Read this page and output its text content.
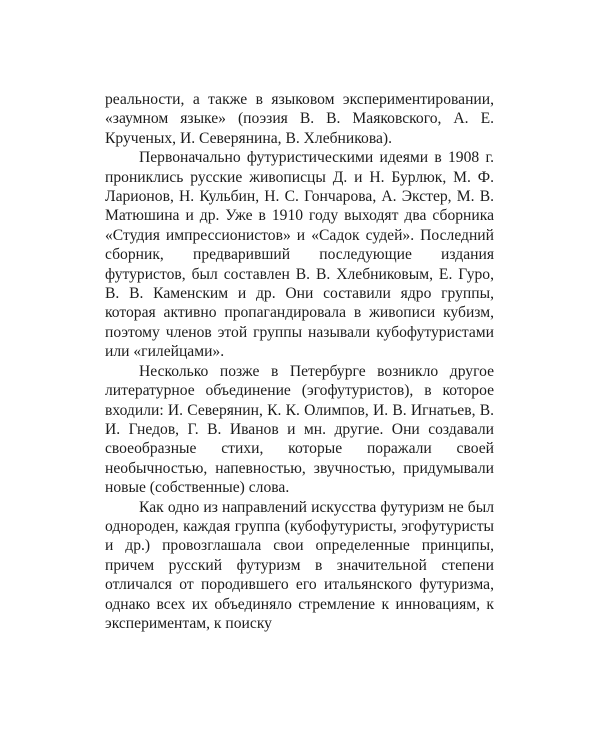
реальности, а также в языковом экспериментировании, «заумном языке» (поэзия В. В. Маяковского, А. Е. Крученых, И. Северянина, В. Хлебникова).

Первоначально футуристическими идеями в 1908 г. прониклись русские живописцы Д. и Н. Бурлюк, М. Ф. Ларионов, Н. Кульбин, Н. С. Гончарова, А. Экстер, М. В. Матюшина и др. Уже в 1910 году выходят два сборника «Студия импрессионистов» и «Садок судей». Последний сборник, предваривший последующие издания футуристов, был составлен В. В. Хлебниковым, Е. Гуро, В. В. Каменским и др. Они составили ядро группы, которая активно пропагандировала в живописи кубизм, поэтому членов этой группы называли кубофутуристами или «гилейцами».

Несколько позже в Петербурге возникло другое литературное объединение (эгофутуристов), в которое входили: И. Северянин, К. К. Олимпов, И. В. Игнатьев, В. И. Гнедов, Г. В. Иванов и мн. другие. Они создавали своеобразные стихи, которые поражали своей необычностью, напевностью, звучностью, придумывали новые (собственные) слова.

Как одно из направлений искусства футуризм не был однороден, каждая группа (кубофутуристы, эгофутуристы и др.) провозглашала свои определенные принципы, причем русский футуризм в значительной степени отличался от породившего его итальянского футуризма, однако всех их объединяло стремление к инновациям, к экспериментам, к поиску
